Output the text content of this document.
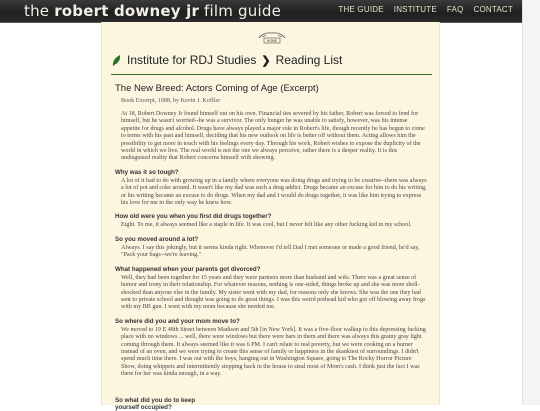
the robert downey jr film guide	THE GUIDE INSTITUTE FAQ CONTACT
HOME
Institute for RDJ Studies ❯ Reading List
The New Breed: Actors Coming of Age (Excerpt)
Book Excerpt, 1988, by Kevin J. Koffler
At 18, Robert Downey Jr found himself out on his own. Financial ties severed by his father, Robert was forced to fend for himself, but he wasn't worried--he was a survivor. The only hunger he was unable to satisfy, however, was his intense appetite for drugs and alcohol. Drugs have always played a major role in Robert's life, though recently he has begun to come to terms with his past and himself, deciding that his new outlook on life is better off without them. Acting allows him the possibility to get more in touch with his feelings every day. Through his work, Robert wishes to expose the duplicity of the world in which we live. The real world is not the one we always perceive, rather there is a deeper reality. It is this undisguised reality that Robert concerns himself with showing.
Why was it so tough?
A lot of it had to do with growing up in a family where everyone was doing drugs and trying to be creative--there was always a lot of pot and coke around. It wasn't like my dad was such a drug addict. Drugs became an excuse for him to do his writing, or his writing became an excuse to do drugs. When my dad and I would do drugs together, it was like him trying to express his love for me in the only way he knew how.
How old were you when you first did drugs together?
Eight. To me, it always seemed like a staple in life. It was cool, but I never felt like any other fucking kid in my school.
So you moved around a lot?
Always. I say this jokingly, but it seems kinda right. Whenever I'd tell Dad I met someone or made a good friend, he'd say, "Pack your bags--we're leaving."
What happened when your parents got divorced?
Well, they had been together for 15 years and they were partners more than husband and wife. There was a great sense of humor and irony in their relationship. For whatever reasons, nothing is one-sided, things broke up and she was more shell-shocked than anyone else in the family. My sister went with my dad, for reasons only she knows. She was the one they had sent to private school and thought was going to do great things. I was this weird pothead kid who got off blowing away frogs with my BB gun. I went with my mom because she needed me.
So where did you and your mom move to?
We moved to 19 E 48th Street between Madison and 5th [in New York]. It was a five-floor walkup to this depressing fucking place with no windows ... well, there were windows but there were bars in them and there was always this grainy gray light coming through them. It always seemed like it was 6 PM. I can't relate to real poverty, but we were cooking on a burner instead of an oven, and we were trying to create this sense of family or happiness in the skankiest of surroundings. I didn't spend much time there. I was out with the boys, hanging out in Washington Square, going to The Rocky Horror Picture Show, doing whippets and intermittently stopping back in the house to steal most of Mom's cash. I think just the fact I was there for her was kinda enough, in a way.
So what did you do to keep yourself occupied?
